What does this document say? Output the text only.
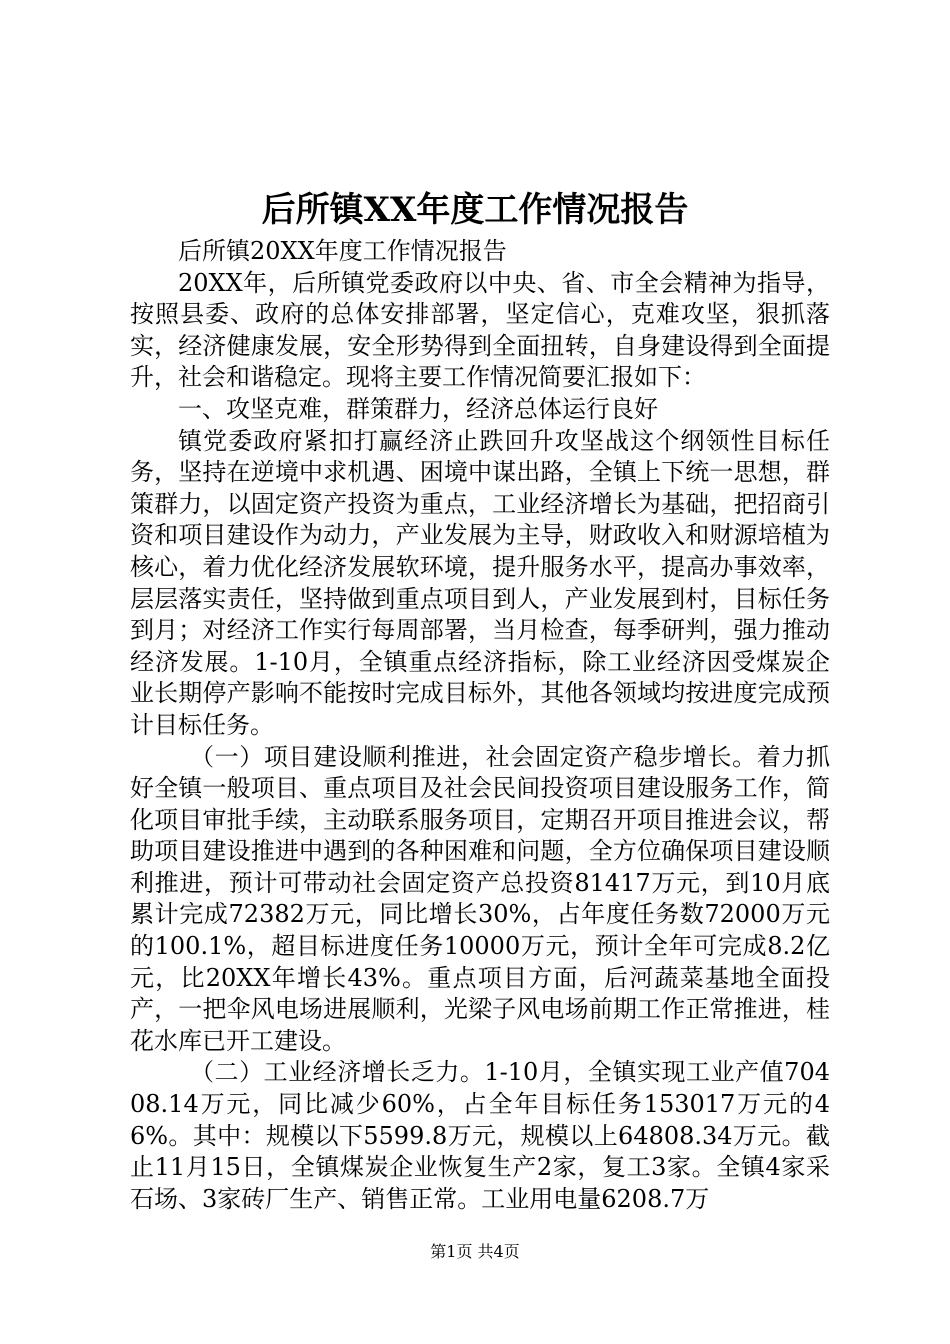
后所镇XX年度工作情况报告

后所镇20XX年度工作情况报告

20XX年，后所镇党委政府以中央、省、市全会精神为指导，按照县委、政府的总体安排部署，坚定信心，克难攻坚，狠抓落实，经济健康发展，安全形势得到全面扭转，自身建设得到全面提升，社会和谐稳定。现将主要工作情况简要汇报如下：

一、攻坚克难，群策群力，经济总体运行良好

镇党委政府紧扣打赢经济止跌回升攻坚战这个纲领性目标任务，坚持在逆境中求机遇、困境中谋出路，全镇上下统一思想，群策群力，以固定资产投资为重点，工业经济增长为基础，把招商引资和项目建设作为动力，产业发展为主导，财政收入和财源培植为核心，着力优化经济发展软环境，提升服务水平，提高办事效率，层层落实责任，坚持做到重点项目到人，产业发展到村，目标任务到月；对经济工作实行每周部署，当月检查，每季研判，强力推动经济发展。1-10月，全镇重点经济指标，除工业经济因受煤炭企业长期停产影响不能按时完成目标外，其他各领域均按进度完成预计目标任务。

（一）项目建设顺利推进，社会固定资产稳步增长。着力抓好全镇一般项目、重点项目及社会民间投资项目建设服务工作，简化项目审批手续，主动联系服务项目，定期召开项目推进会议，帮助项目建设推进中遇到的各种困难和问题，全方位确保项目建设顺利推进，预计可带动社会固定资产总投资81417万元，到10月底累计完成72382万元，同比增长30%，占年度任务数72000万元的100.1%，超目标进度任务10000万元，预计全年可完成8.2亿元，比20XX年增长43%。重点项目方面，后河蔬菜基地全面投产，一把伞风电场进展顺利，光梁子风电场前期工作正常推进，桂花水库已开工建设。

（二）工业经济增长乏力。1-10月，全镇实现工业产值70408.14万元，同比减少60%，占全年目标任务153017万元的46%。其中：规模以下5599.8万元，规模以上64808.34万元。截止11月15日，全镇煤炭企业恢复生产2家，复工3家。全镇4家采石场、3家砖厂生产、销售正常。工业用电量6208.7万

第1页 共4页
